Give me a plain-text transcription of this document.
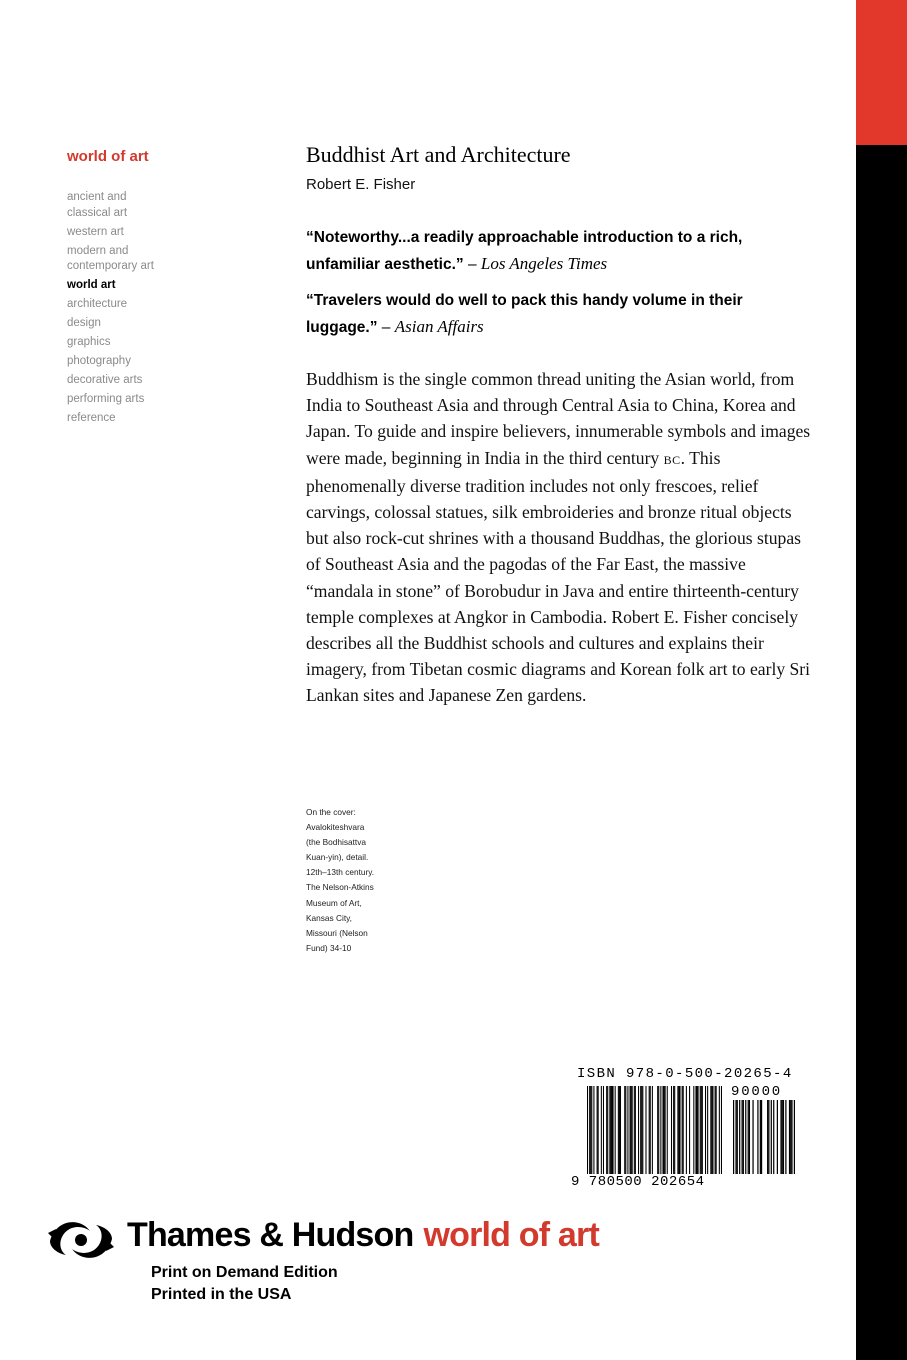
world of art
ancient and
classical art
western art
modern and
contemporary art
world art
architecture
design
graphics
photography
decorative arts
performing arts
reference
Buddhist Art and Architecture
Robert E. Fisher
“Noteworthy...a readily approachable introduction to a rich, unfamiliar aesthetic.” – Los Angeles Times
“Travelers would do well to pack this handy volume in their luggage.” – Asian Affairs
Buddhism is the single common thread uniting the Asian world, from India to Southeast Asia and through Central Asia to China, Korea and Japan. To guide and inspire believers, innumerable symbols and images were made, beginning in India in the third century BC. This phenomenally diverse tradition includes not only frescoes, relief carvings, colossal statues, silk embroideries and bronze ritual objects but also rock-cut shrines with a thousand Buddhas, the glorious stupas of Southeast Asia and the pagodas of the Far East, the massive “mandala in stone” of Borobudur in Java and entire thirteenth-century temple complexes at Angkor in Cambodia. Robert E. Fisher concisely describes all the Buddhist schools and cultures and explains their imagery, from Tibetan cosmic diagrams and Korean folk art to early Sri Lankan sites and Japanese Zen gardens.
On the cover: Avalokiteshvara (the Bodhisattva Kuan-yin), detail. 12th–13th century. The Nelson-Atkins Museum of Art, Kansas City, Missouri (Nelson Fund) 34-10
ISBN 978-0-500-20265-4
90000
9 780500 202654
Thames & Hudson world of art
Print on Demand Edition
Printed in the USA
